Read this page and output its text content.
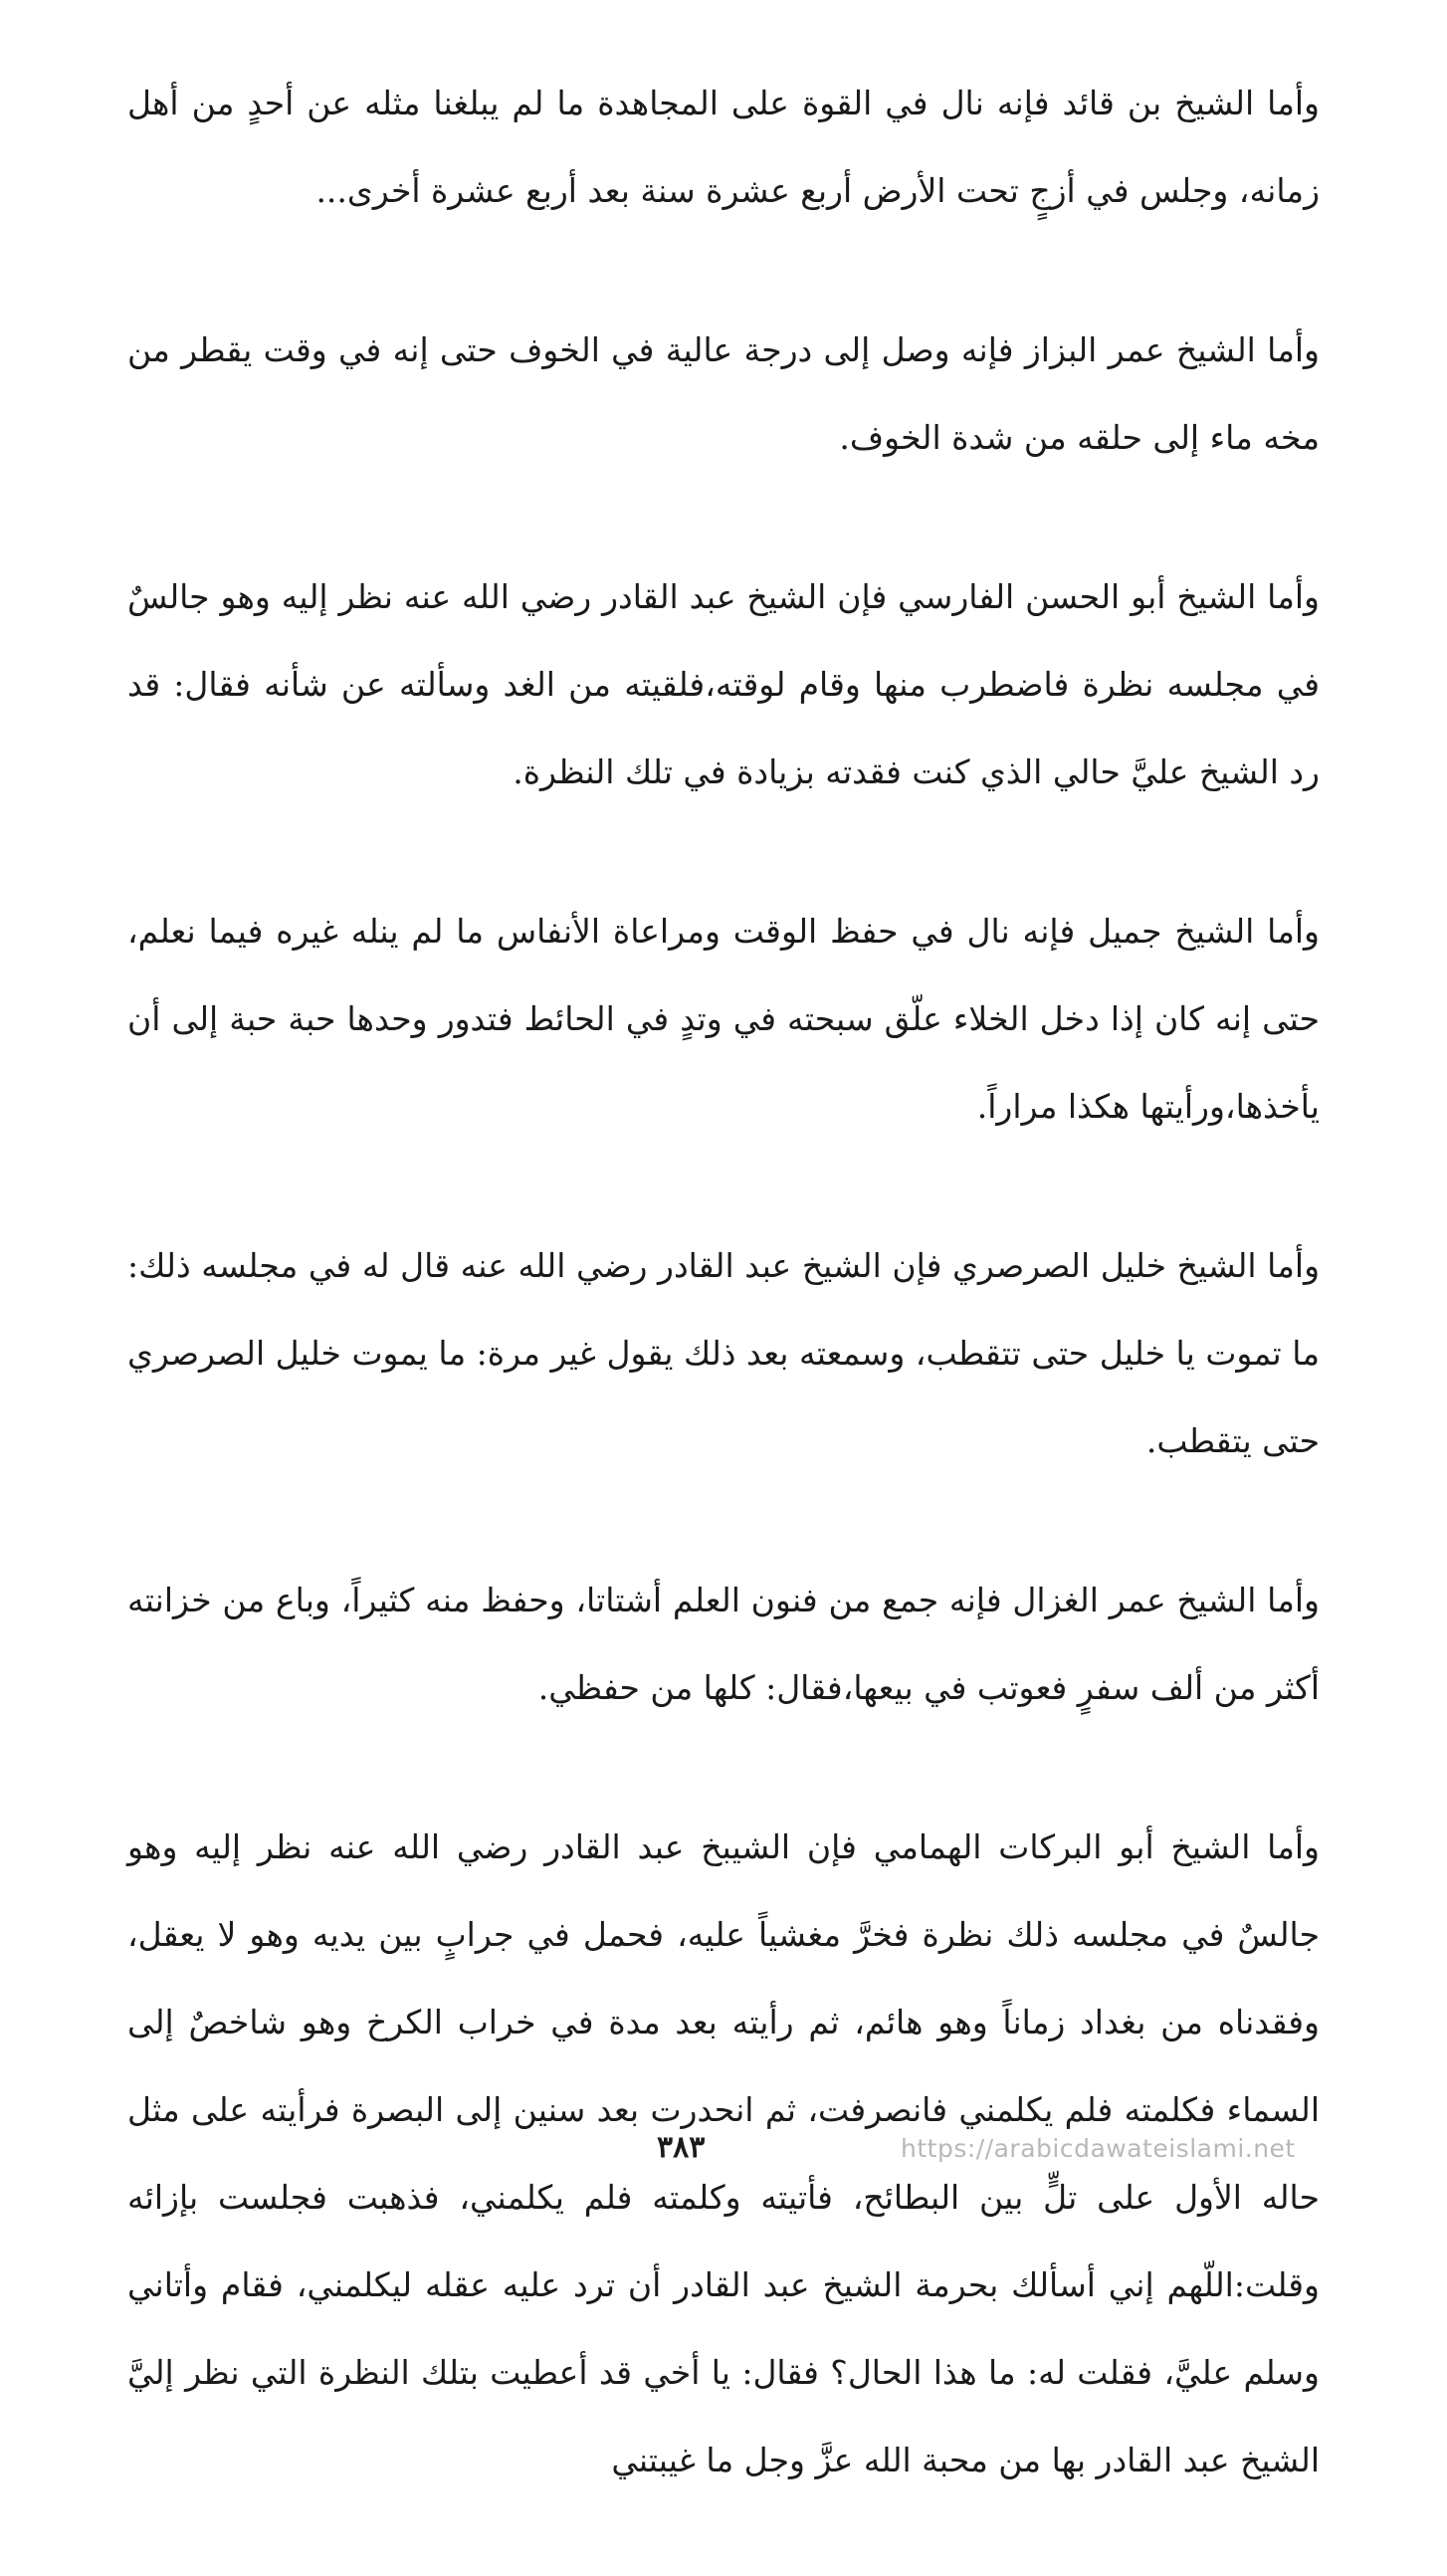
وأما الشيخ بن قائد فإنه نال في القوة على المجاهدة ما لم يبلغنا مثله عن أحدٍ من أهل زمانه، وجلس في أزجٍ تحت الأرض أربع عشرة سنة بعد أربع عشرة أخرى...

وأما الشيخ عمر البزاز فإنه وصل إلى درجة عالية في الخوف حتى إنه في وقت يقطر من مخه ماء إلى حلقه من شدة الخوف.

وأما الشيخ أبو الحسن الفارسي فإن الشيخ عبد القادر رضي الله عنه نظر إليه وهو جالسٌ في مجلسه نظرة فاضطرب منها وقام لوقته،فلقيته من الغد وسألته عن شأنه فقال: قد رد الشيخ عليَّ حالي الذي كنت فقدته بزيادة في تلك النظرة.

وأما الشيخ جميل فإنه نال في حفظ الوقت ومراعاة الأنفاس ما لم ينله غيره فيما نعلم، حتى إنه كان إذا دخل الخلاء علّق سبحته في وتدٍ في الحائط فتدور وحدها حبة حبة إلى أن يأخذها،ورأيتها هكذا مراراً.

وأما الشيخ خليل الصرصري فإن الشيخ عبد القادر رضي الله عنه قال له في مجلسه ذلك: ما تموت يا خليل حتى تتقطب، وسمعته بعد ذلك يقول غير مرة: ما يموت خليل الصرصري حتى يتقطب.

وأما الشيخ عمر الغزال فإنه جمع من فنون العلم أشتاتا، وحفظ منه كثيراً، وباع من خزانته أكثر من ألف سفرٍ فعوتب في بيعها،فقال: كلها من حفظي.

وأما الشيخ أبو البركات الهمامي فإن الشيبخ عبد القادر رضي الله عنه نظر إليه وهو جالسٌ في مجلسه ذلك نظرة فخرَّ مغشياً عليه، فحمل في جرابٍ بين يديه وهو لا يعقل، وفقدناه من بغداد زماناً وهو هائم، ثم رأيته بعد مدة في خراب الكرخ وهو شاخصٌ إلى السماء فكلمته فلم يكلمني فانصرفت، ثم انحدرت بعد سنين إلى البصرة فرأيته على مثل حاله الأول على تلٍّ بين البطائح، فأتيته وكلمته فلم يكلمني، فذهبت فجلست بإزائه وقلت:اللّهم إني أسألك بحرمة الشيخ عبد القادر أن ترد عليه عقله ليكلمني، فقام وأتاني وسلم عليَّ، فقلت له: ما هذا الحال؟ فقال: يا أخي قد أعطيت بتلك النظرة التي نظر إليَّ الشيخ عبد القادر بها من محبة الله عزَّ وجل ما غيبتني

٣٨٣	https://arabicdawateislami.net
